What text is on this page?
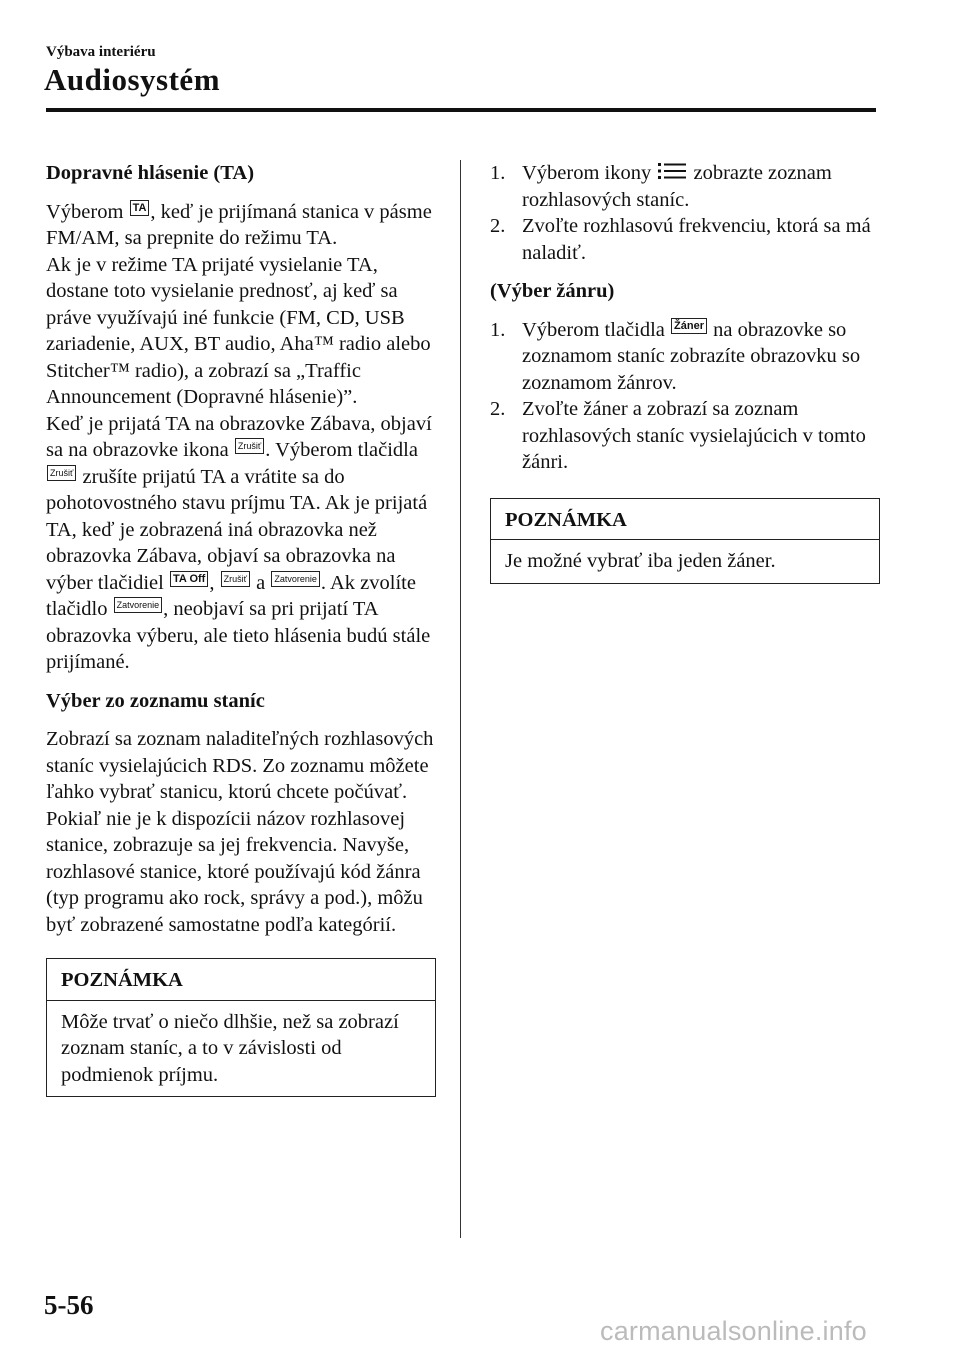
Výbava interiéru
Audiosystém
Dopravné hlásenie (TA)

Výberom TA , keď je prijímaná stanica v pásme FM/AM, sa prepnite do režimu TA.

Ak je v režime TA prijaté vysielanie TA, dostane toto vysielanie prednosť, aj keď sa práve využívajú iné funkcie (FM, CD, USB zariadenie, AUX, BT audio, Aha™ radio alebo Stitcher™ radio), a zobrazí sa „Traffic Announcement (Dopravné hlásenie)”.

Keď je prijatá TA na obrazovke Zábava, objaví sa na obrazovke ikona Zrušiť . Výberom tlačidla Zrušiť zrušíte prijatú TA a vrátite sa do pohotovostného stavu príjmu TA. Ak je prijatá TA, keď je zobrazená iná obrazovka než obrazovka Zábava, objaví sa obrazovka na výber tlačidiel TA Off , Zrušiť a Zatvorenie . Ak zvolíte tlačidlo Zatvorenie , neobjaví sa pri prijatí TA obrazovka výberu, ale tieto hlásenia budú stále prijímané.

Výber zo zoznamu staníc

Zobrazí sa zoznam naladiteľných rozhlasových staníc vysielajúcich RDS. Zo zoznamu môžete ľahko vybrať stanicu, ktorú chcete počúvať. Pokiaľ nie je k dispozícii názov rozhlasovej stanice, zobrazuje sa jej frekvencia. Navyše, rozhlasové stanice, ktoré používajú kód žánra (typ programu ako rock, správy a pod.), môžu byť zobrazené samostatne podľa kategórií.

POZNÁMKA
Môže trvať o niečo dlhšie, než sa zobrazí zoznam staníc, a to v závislosti od podmienok príjmu.
1. Výberom ikony zobrazte zoznam rozhlasových staníc.
2. Zvoľte rozhlasovú frekvenciu, ktorá sa má naladiť.
(Výber žánru)
1. Výberom tlačidla Žáner na obrazovke so zoznamom staníc zobrazíte obrazovku so zoznamom žánrov.
2. Zvoľte žáner a zobrazí sa zoznam rozhlasových staníc vysielajúcich v tomto žánri.
POZNÁMKA
Je možné vybrať iba jeden žáner.
5-56
carmanualsonline.info
